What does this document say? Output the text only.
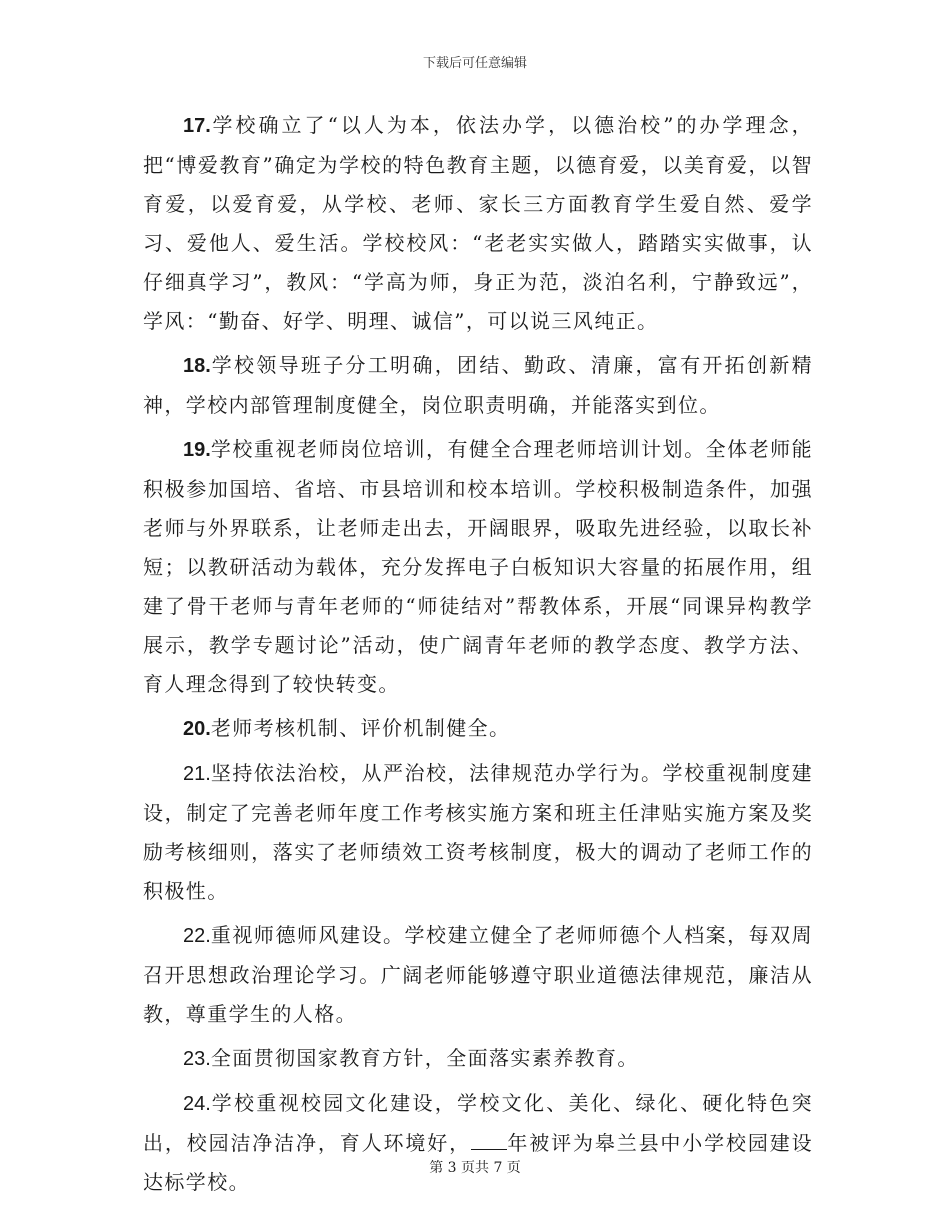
下载后可任意编辑

17.学校确立了“以人为本，依法办学，以德治校”的办学理念，把“博爱教育”确定为学校的特色教育主题，以德育爱，以美育爱，以智育爱，以爱育爱，从学校、老师、家长三方面教育学生爱自然、爱学习、爱他人、爱生活。学校校风：“老老实实做人，踏踏实实做事，认仔细真学习”，教风：“学高为师，身正为范，淡泊名利，宁静致远”，学风：“勤奋、好学、明理、诚信”，可以说三风纯正。

18.学校领导班子分工明确，团结、勤政、清廉，富有开拓创新精神，学校内部管理制度健全，岗位职责明确，并能落实到位。

19.学校重视老师岗位培训，有健全合理老师培训计划。全体老师能积极参加国培、省培、市县培训和校本培训。学校积极制造条件，加强老师与外界联系，让老师走出去，开阔眼界，吸取先进经验，以取长补短；以教研活动为载体，充分发挥电子白板知识大容量的拓展作用，组建了骨干老师与青年老师的“师徒结对”帮教体系，开展“同课异构教学展示，教学专题讨论”活动，使广阔青年老师的教学态度、教学方法、育人理念得到了较快转变。

20.老师考核机制、评价机制健全。

21.坚持依法治校，从严治校，法律规范办学行为。学校重视制度建设，制定了完善老师年度工作考核实施方案和班主任津贴实施方案及奖励考核细则，落实了老师绩效工资考核制度，极大的调动了老师工作的积极性。

22.重视师德师风建设。学校建立健全了老师师德个人档案，每双周召开思想政治理论学习。广阔老师能够遵守职业道德法律规范，廉洁从教，尊重学生的人格。

23.全面贯彻国家教育方针，全面落实素养教育。

24.学校重视校园文化建设，学校文化、美化、绿化、硬化特色突出，校园洁净洁净，育人环境好， 年被评为皋兰县中小学校园建设达标学校。

第 3 页共 7 页
